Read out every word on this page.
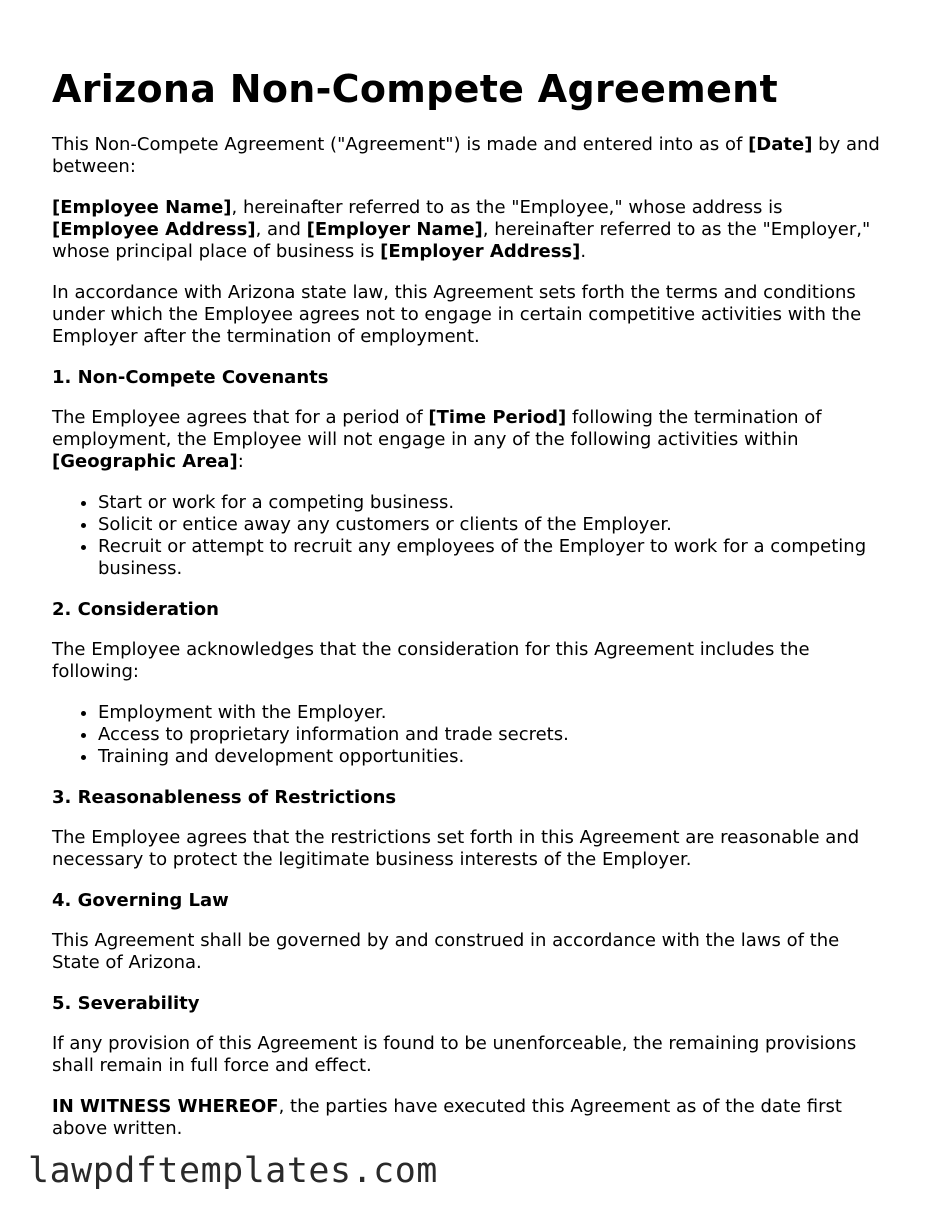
Arizona Non-Compete Agreement

This Non-Compete Agreement ("Agreement") is made and entered into as of [Date] by and between:

[Employee Name], hereinafter referred to as the "Employee," whose address is [Employee Address], and [Employer Name], hereinafter referred to as the "Employer," whose principal place of business is [Employer Address].

In accordance with Arizona state law, this Agreement sets forth the terms and conditions under which the Employee agrees not to engage in certain competitive activities with the Employer after the termination of employment.

1. Non-Compete Covenants

The Employee agrees that for a period of [Time Period] following the termination of employment, the Employee will not engage in any of the following activities within [Geographic Area]:

• Start or work for a competing business.
• Solicit or entice away any customers or clients of the Employer.
• Recruit or attempt to recruit any employees of the Employer to work for a competing business.
2. Consideration

The Employee acknowledges that the consideration for this Agreement includes the following:

• Employment with the Employer.
• Access to proprietary information and trade secrets.
• Training and development opportunities.
3. Reasonableness of Restrictions

The Employee agrees that the restrictions set forth in this Agreement are reasonable and necessary to protect the legitimate business interests of the Employer.

4. Governing Law

This Agreement shall be governed by and construed in accordance with the laws of the State of Arizona.

5. Severability

If any provision of this Agreement is found to be unenforceable, the remaining provisions shall remain in full force and effect.

IN WITNESS WHEREOF, the parties have executed this Agreement as of the date first above written.

lawpdftemplates.com
